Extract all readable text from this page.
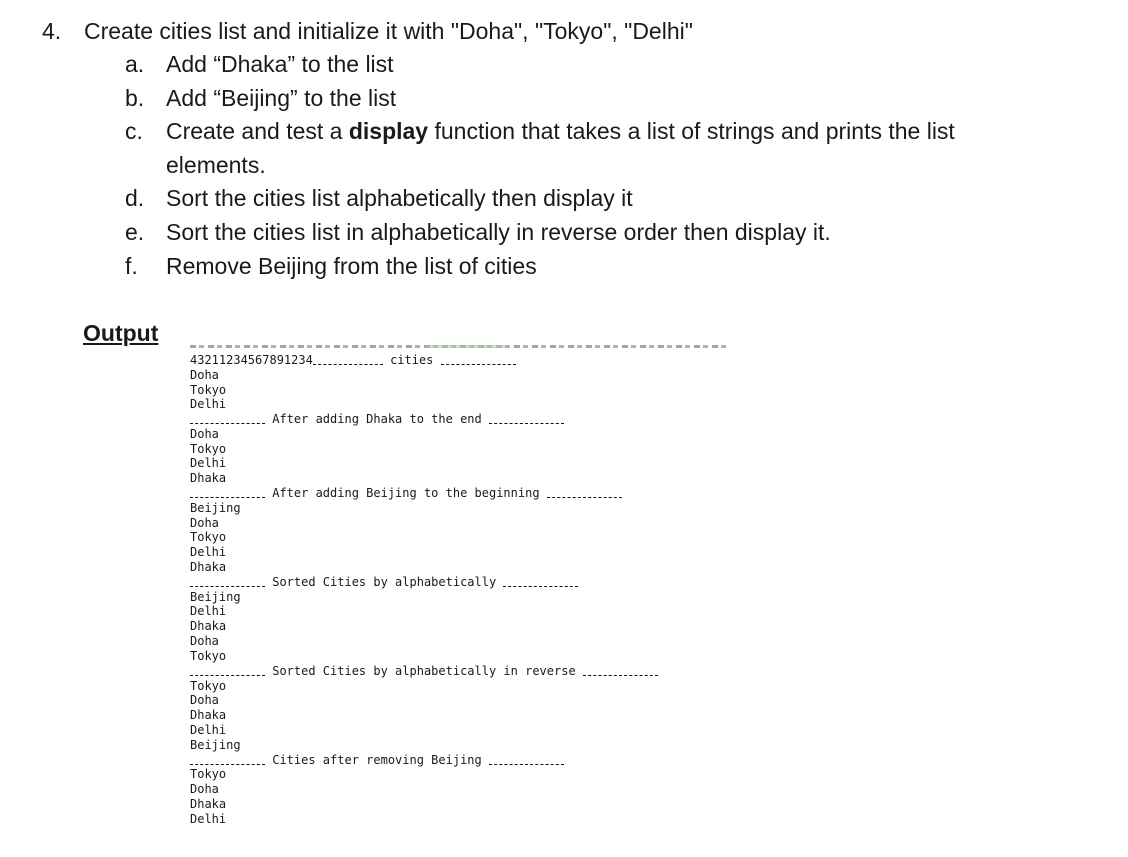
4. Create cities list and initialize it with "Doha", "Tokyo", "Delhi"
a. Add “Dhaka” to the list
b. Add “Beijing” to the list
c. Create and test a display function that takes a list of strings and prints the list
elements.
d. Sort the cities list alphabetically then display it
e. Sort the cities list in alphabetically in reverse order then display it.
f. Remove Beijing from the list of cities
Output
43211234567891234	cities
Doha
Tokyo
Delhi
After adding Dhaka to the end
Doha
Tokyo
Delhi
Dhaka
After adding Beijing to the beginning
Beijing
Doha
Tokyo
Delhi
Dhaka
Sorted Cities by alphabetically
Beijing
Delhi
Dhaka
Doha
Tokyo
Sorted Cities by alphabetically in reverse
Tokyo
Doha
Dhaka
Delhi
Beijing
Cities after removing Beijing
Tokyo
Doha
Dhaka
Delhi
